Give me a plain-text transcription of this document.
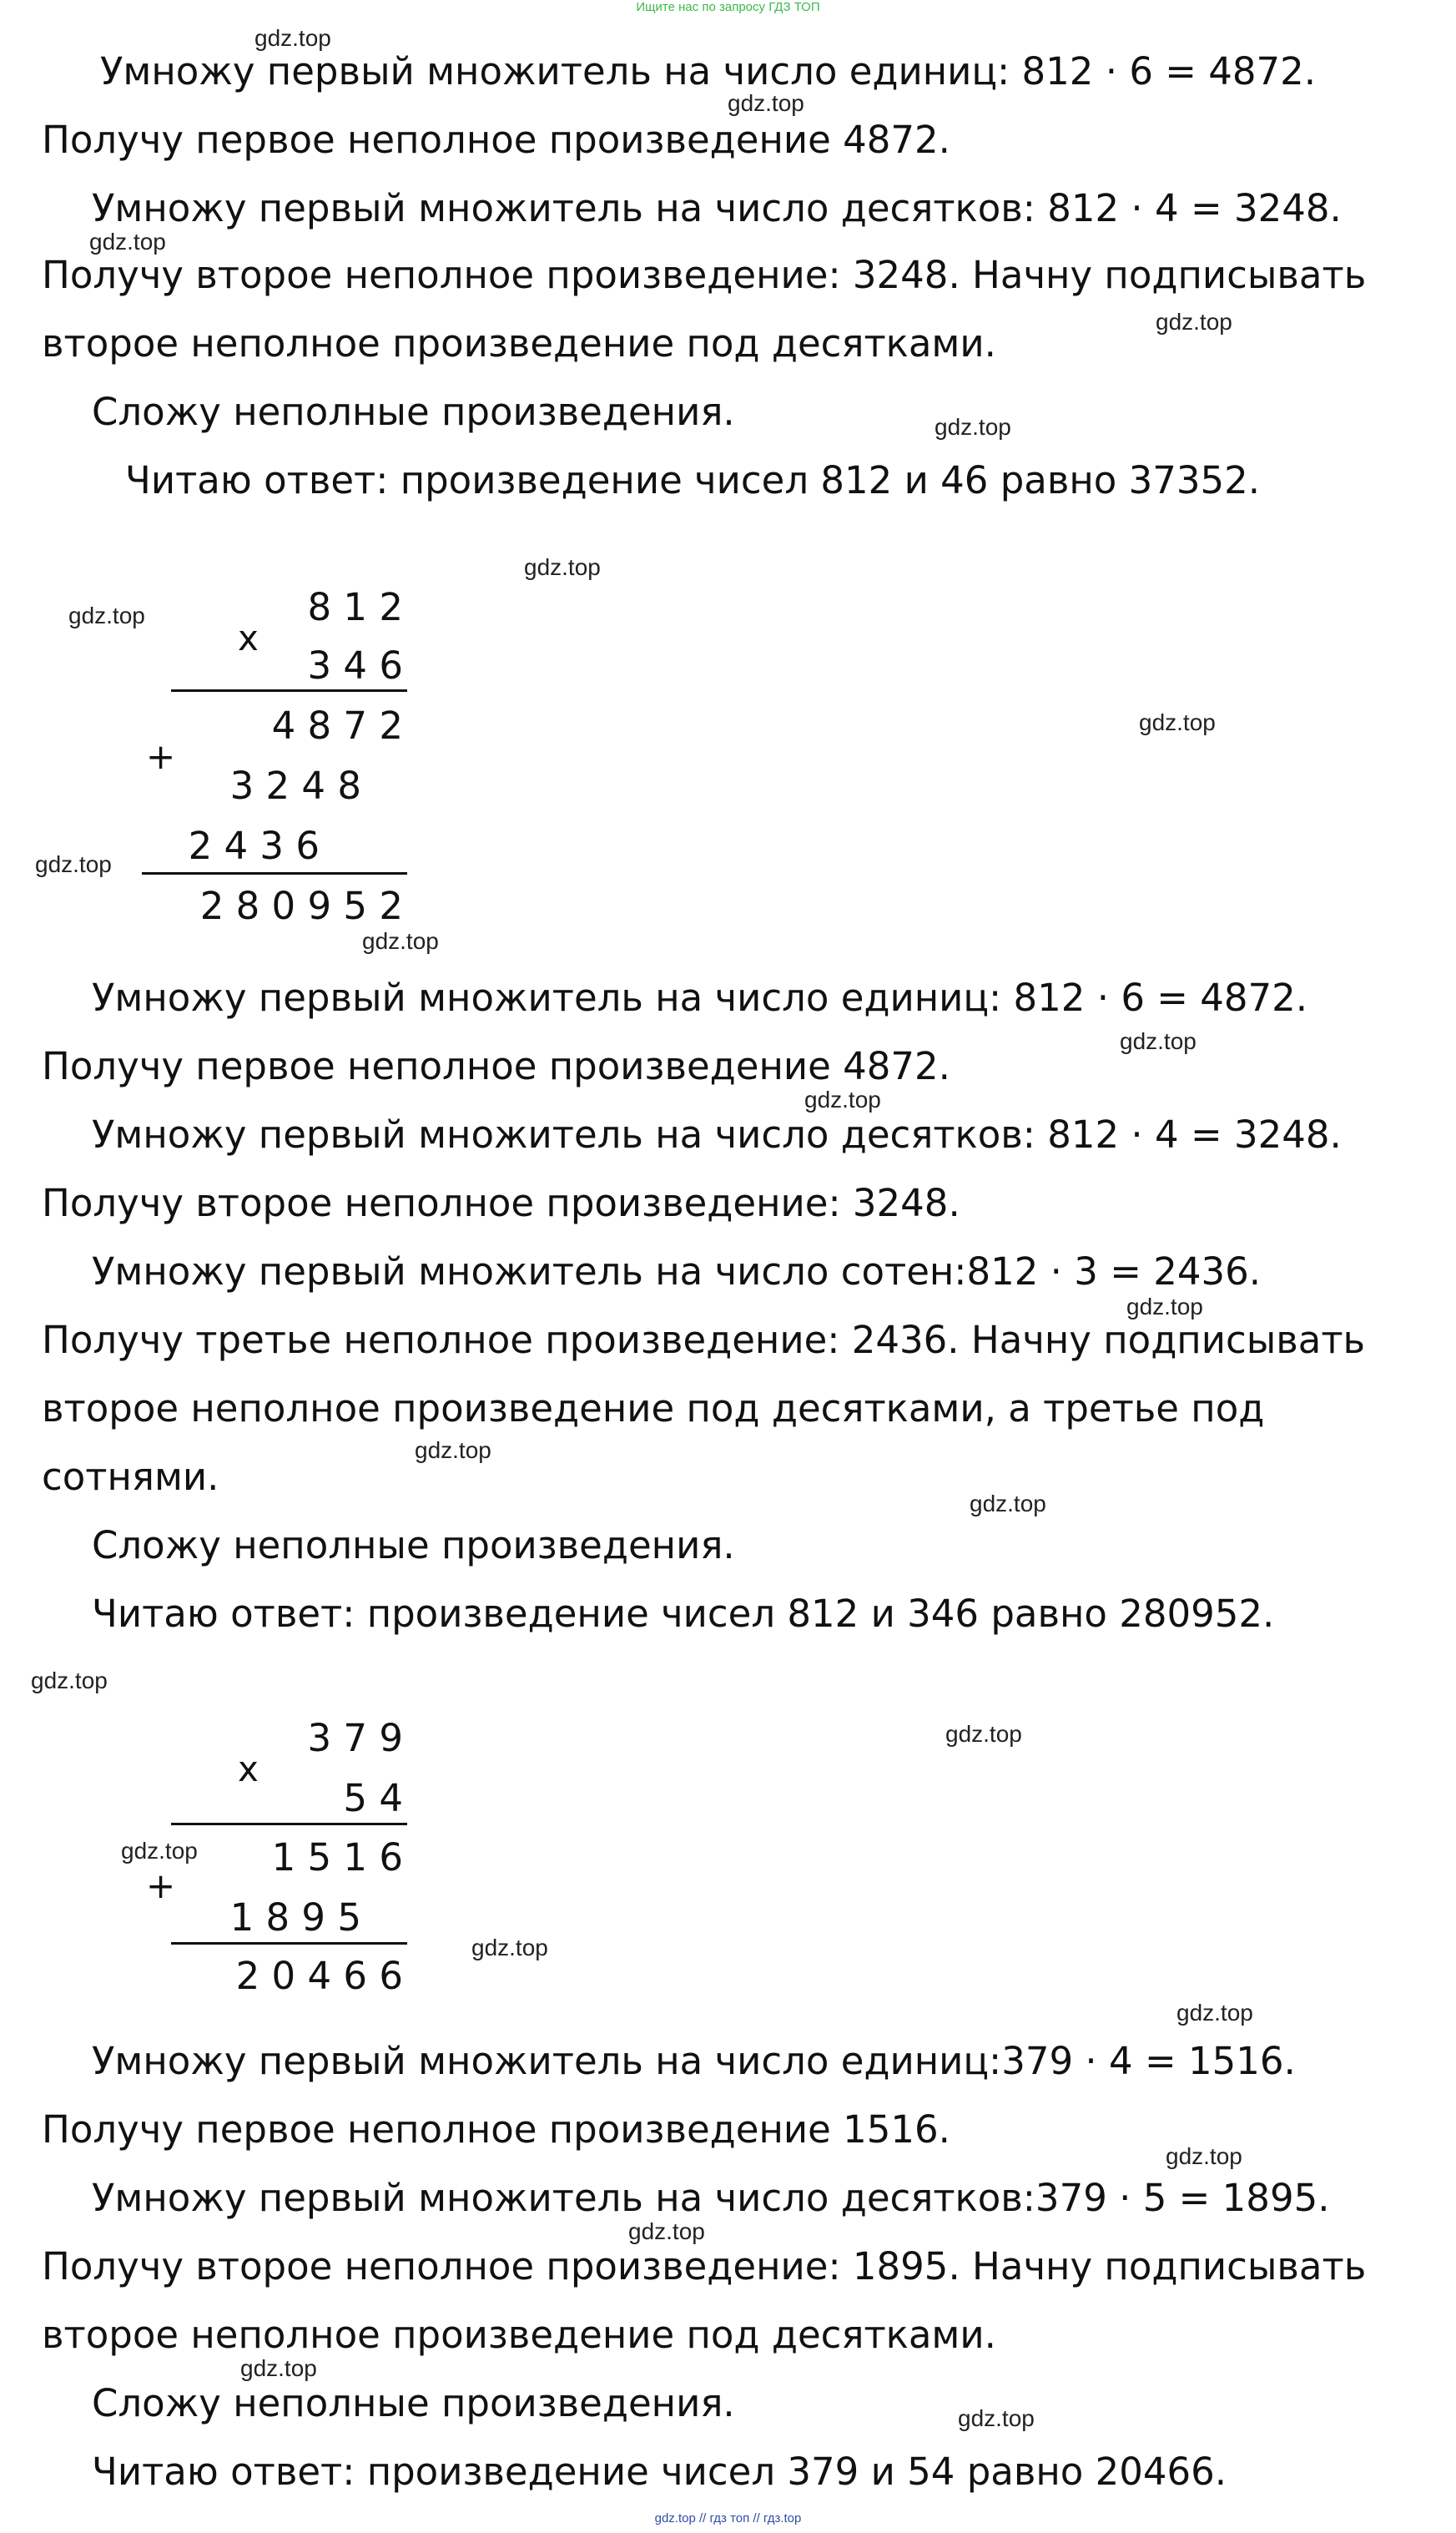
Ищите нас по запросу ГДЗ ТОП
Умножу первый множитель на число единиц: 812 · 6 = 4872.
Получу первое неполное произведение 4872.
Умножу первый множитель на число десятков: 812 · 4 = 3248.
Получу второе неполное произведение: 3248. Начну подписывать
второе неполное произведение под десятками.
Сложу неполные произведения.
Читаю ответ: произведение чисел 812 и 46 равно 37352.
8 1 2
x
3 4 6
4 8 7 2
+
3 2 4 8
2 4 3 6
2 8 0 9 5 2
Умножу первый множитель на число единиц: 812 · 6 = 4872.
Получу первое неполное произведение 4872.
Умножу первый множитель на число десятков: 812 · 4 = 3248.
Получу второе неполное произведение: 3248.
Умножу первый множитель на число сотен:812 · 3 = 2436.
Получу третье неполное произведение: 2436. Начну подписывать
второе неполное произведение под десятками, а третье под
сотнями.
Сложу неполные произведения.
Читаю ответ: произведение чисел 812 и 346 равно 280952.
3 7 9
x
5 4
1 5 1 6
+
1 8 9 5
2 0 4 6 6
Умножу первый множитель на число единиц:379 · 4 = 1516.
Получу первое неполное произведение 1516.
Умножу первый множитель на число десятков:379 · 5 = 1895.
Получу второе неполное произведение: 1895. Начну подписывать
второе неполное произведение под десятками.
Сложу неполные произведения.
Читаю ответ: произведение чисел 379 и 54 равно 20466.
gdz.top
gdz.top
gdz.top
gdz.top
gdz.top
gdz.top
gdz.top
gdz.top
gdz.top
gdz.top
gdz.top
gdz.top
gdz.top
gdz.top
gdz.top
gdz.top
gdz.top
gdz.top
gdz.top
gdz.top
gdz.top
gdz.top
gdz.top
gdz.top
gdz.top // гдз топ // гдз.top
